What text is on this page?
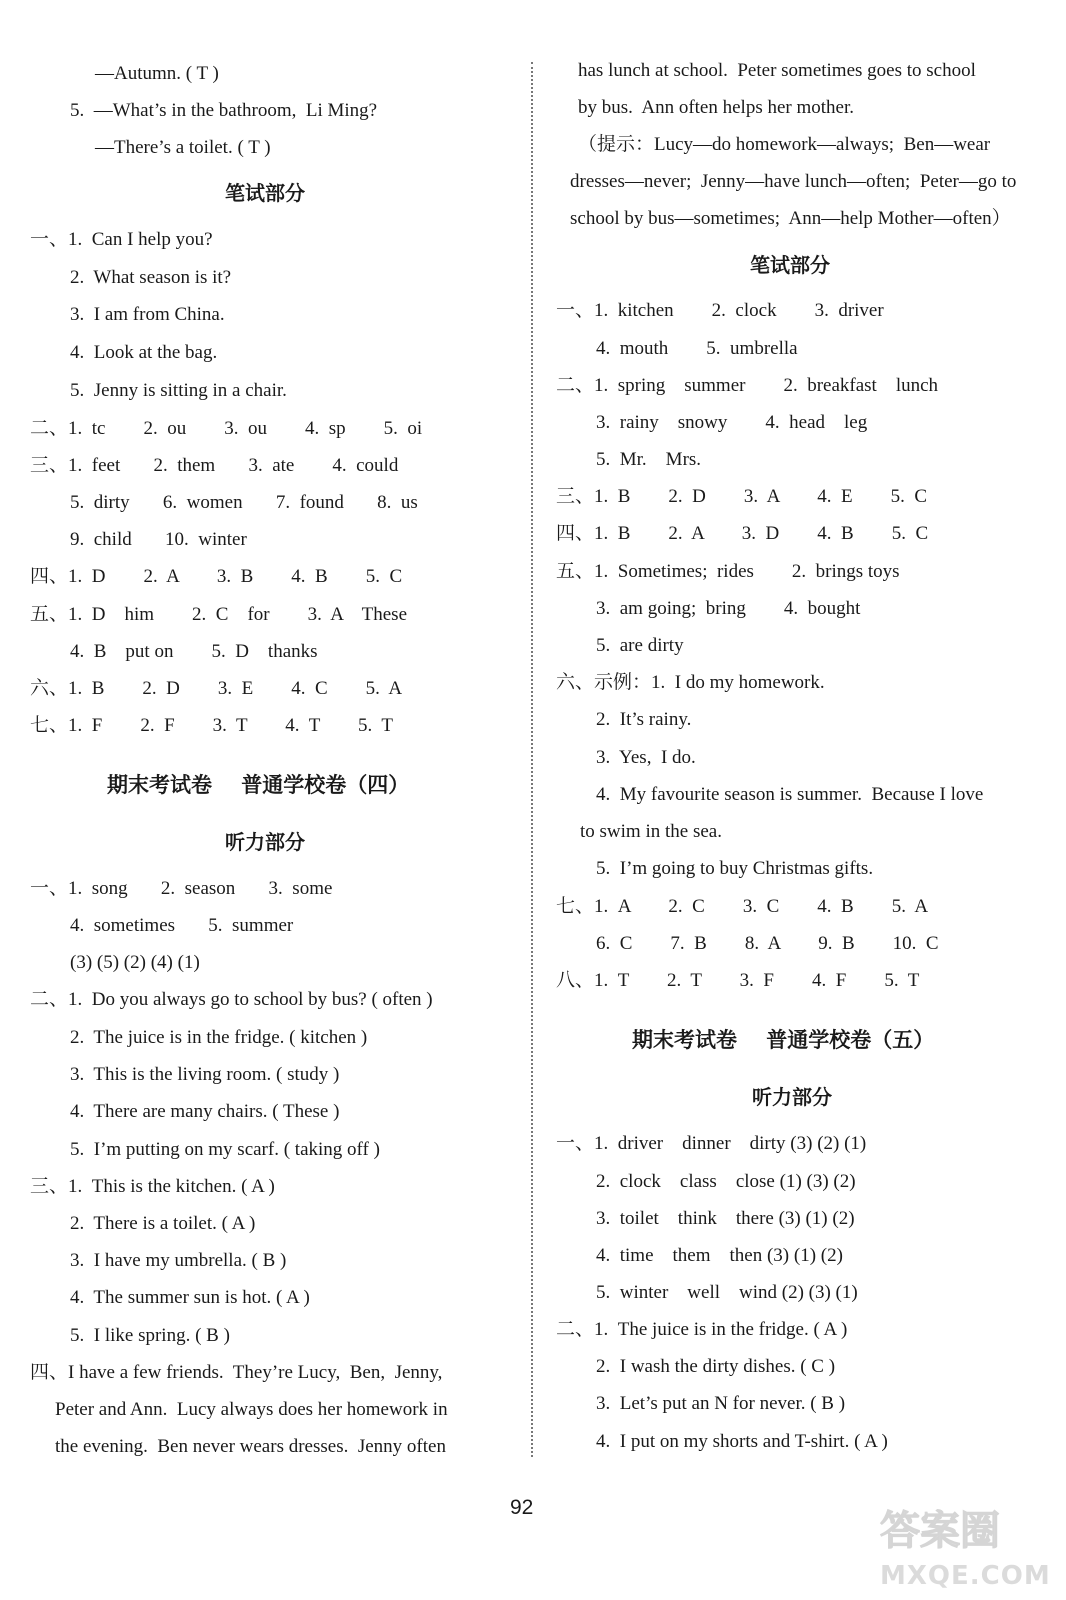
—Autumn. ( T )
5.  —What’s in the bathroom,  Li Ming?
—There’s a toilet. ( T )
笔试部分
一、1.  Can I help you?
2.  What season is it?
3.  I am from China.
4.  Look at the bag.
5.  Jenny is sitting in a chair.
二、1.  tc        2.  ou        3.  ou        4.  sp        5.  oi
三、1.  feet       2.  them       3.  ate        4.  could
5.  dirty       6.  women       7.  found       8.  us
9.  child       10.  winter
四、1.  D        2.  A        3.  B        4.  B        5.  C
五、1.  D    him        2.  C    for        3.  A    These
4.  B    put on        5.  D    thanks
六、1.  B        2.  D        3.  E        4.  C        5.  A
七、1.  F        2.  F        3.  T        4.  T        5.  T
期末考试卷    普通学校卷（四）
听力部分
一、1.  song       2.  season       3.  some
4.  sometimes       5.  summer
(3) (5) (2) (4) (1)
二、1.  Do you always go to school by bus? ( often )
2.  The juice is in the fridge. ( kitchen )
3.  This is the living room. ( study )
4.  There are many chairs. ( These )
5.  I’m putting on my scarf. ( taking off )
三、1.  This is the kitchen. ( A )
2.  There is a toilet. ( A )
3.  I have my umbrella. ( B )
4.  The summer sun is hot. ( A )
5.  I like spring. ( B )
四、I have a few friends.  They’re Lucy,  Ben,  Jenny,
Peter and Ann.  Lucy always does her homework in
the evening.  Ben never wears dresses.  Jenny often
has lunch at school.  Peter sometimes goes to school
by bus.  Ann often helps her mother.
（提示：Lucy—do homework—always;  Ben—wear
dresses—never;  Jenny—have lunch—often;  Peter—go to
school by bus—sometimes;  Ann—help Mother—often）
笔试部分
一、1.  kitchen        2.  clock        3.  driver
4.  mouth        5.  umbrella
二、1.  spring    summer        2.  breakfast    lunch
3.  rainy    snowy        4.  head    leg
5.  Mr.    Mrs.
三、1.  B        2.  D        3.  A        4.  E        5.  C
四、1.  B        2.  A        3.  D        4.  B        5.  C
五、1.  Sometimes;  rides        2.  brings toys
3.  am going;  bring        4.  bought
5.  are dirty
六、示例：1.  I do my homework.
2.  It’s rainy.
3.  Yes,  I do.
4.  My favourite season is summer.  Because I love
to swim in the sea.
5.  I’m going to buy Christmas gifts.
七、1.  A        2.  C        3.  C        4.  B        5.  A
6.  C        7.  B        8.  A        9.  B        10.  C
八、1.  T        2.  T        3.  F        4.  F        5.  T
期末考试卷    普通学校卷（五）
听力部分
一、1.  driver    dinner    dirty (3) (2) (1)
2.  clock    class    close (1) (3) (2)
3.  toilet    think    there (3) (1) (2)
4.  time    them    then (3) (1) (2)
5.  winter    well    wind (2) (3) (1)
二、1.  The juice is in the fridge. ( A )
2.  I wash the dirty dishes. ( C )
3.  Let’s put an N for never. ( B )
4.  I put on my shorts and T-shirt. ( A )
92
答案圈
MXQE.COM
